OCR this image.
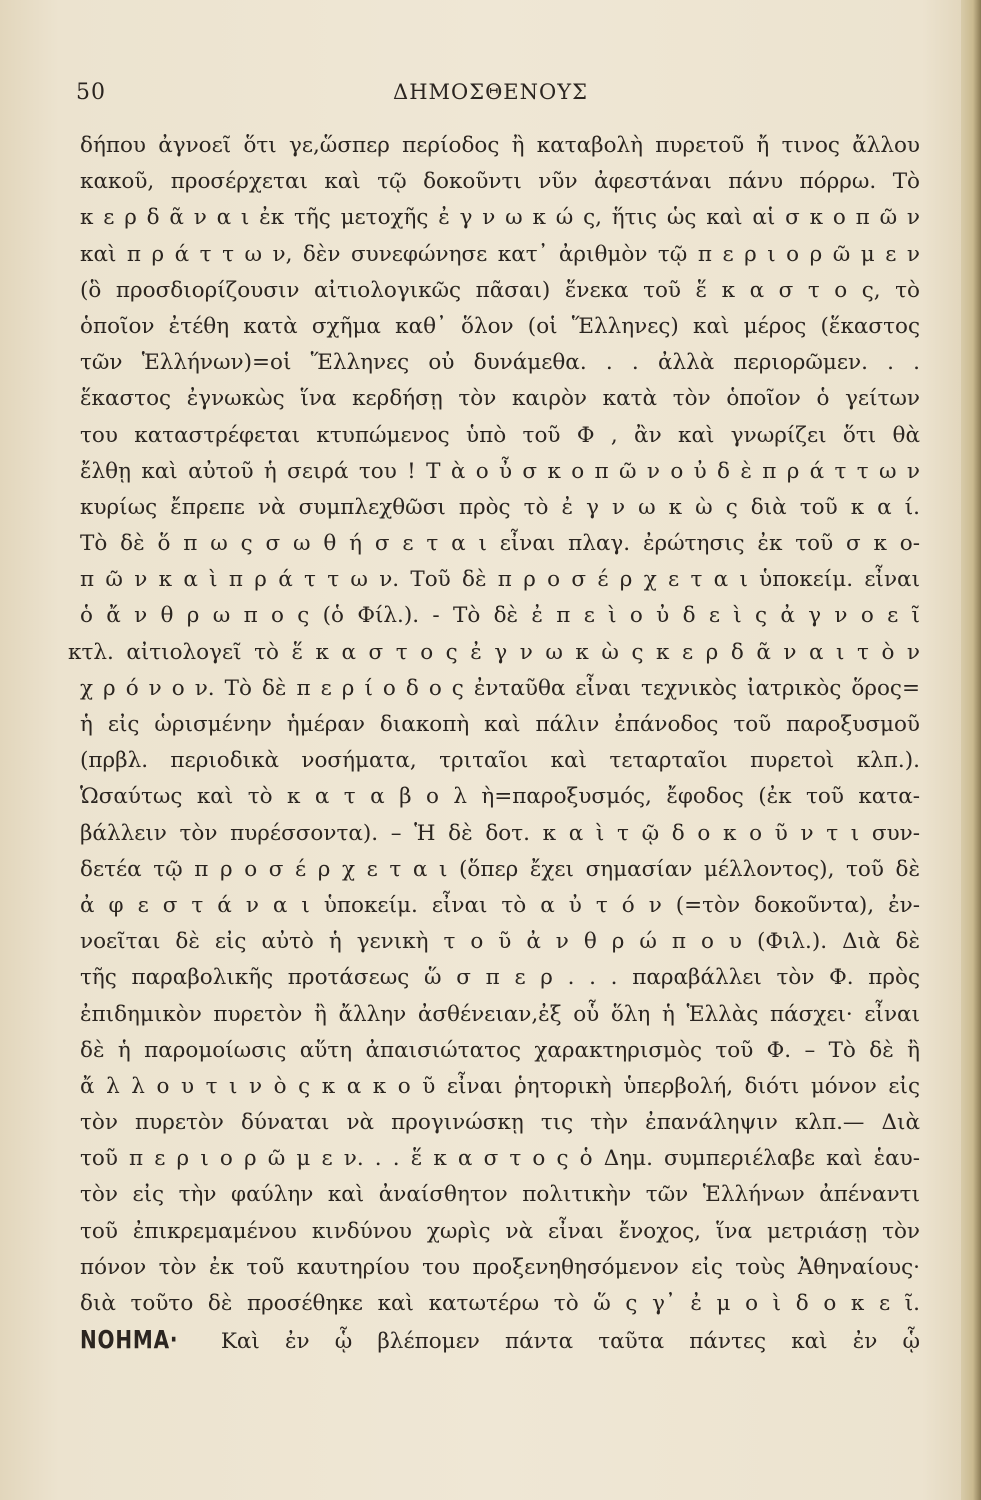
50	ΔΗΜΟΣΘΕΝΟΥΣ
δήπου ἀγνοεῖ ὅτι γε,ὥσπερ περίοδος ἢ καταβολὴ πυρετοῦ ἤ τινος ἄλλου
κακοῦ, προσέρχεται καὶ τῷ δοκοῦντι νῦν ἀφεστάναι πάνυ πόρρω. Τὸ
κ ε ρ δ ᾶ ν α ι ἐκ τῆς μετοχῆς ἐ γ ν ω κ ώ ς, ἥτις ὡς καὶ αἱ σ κ ο π ῶ ν
καὶ π ρ ά τ τ ω ν, δὲν συνεφώνησε κατ᾽ ἀριθμὸν τῷ π ε ρ ι ο ρ ῶ μ ε ν
(ὃ προσδιορίζουσιν αἰτιολογικῶς πᾶσαι) ἕνεκα τοῦ ἕ κ α σ τ ο ς, τὸ
ὁποῖον ἐτέθη κατὰ σχῆμα καθ᾽ ὅλον (οἱ Ἕλληνες) καὶ μέρος (ἕκαστος
τῶν Ἑλλήνων)=οἱ Ἕλληνες οὐ δυνάμεθα. . . ἀλλὰ περιορῶμεν. . .
ἕκαστος ἐγνωκὼς ἵνα κερδήσῃ τὸν καιρὸν κατὰ τὸν ὁποῖον ὁ γείτων
του καταστρέφεται κτυπώμενος ὑπὸ τοῦ Φ , ἂν καὶ γνωρίζει ὅτι θὰ
ἔλθῃ καὶ αὐτοῦ ἡ σειρά του ! Τ ὰ ο ὖ σ κ ο π ῶ ν ο ὐ δ ὲ π ρ ά τ τ ω ν
κυρίως ἔπρεπε νὰ συμπλεχθῶσι πρὸς τὸ ἐ γ ν ω κ ὼ ς διὰ τοῦ κ α ί.
Τὸ δὲ ὅ π ω ς σ ω θ ή σ ε τ α ι εἶναι πλαγ. ἐρώτησις ἐκ τοῦ σ κ ο-
π ῶ ν κ α ὶ π ρ ά τ τ ω ν. Τοῦ δὲ π ρ ο σ έ ρ χ ε τ α ι ὑποκείμ. εἶναι
ὁ ἄ ν θ ρ ω π ο ς (ὁ Φίλ.). - Τὸ δὲ ἐ π ε ὶ ο ὐ δ ε ὶ ς ἀ γ ν ο ε ῖ
κτλ. αἰτιολογεῖ τὸ ἕ κ α σ τ ο ς ἐ γ ν ω κ ὼ ς κ ε ρ δ ᾶ ν α ι τ ὸ ν
χ ρ ό ν ο ν. Τὸ δὲ π ε ρ ί ο δ ο ς ἐνταῦθα εἶναι τεχνικὸς ἰατρικὸς ὅρος=
ἡ εἰς ὡρισμένην ἡμέραν διακοπὴ καὶ πάλιν ἐπάνοδος τοῦ παροξυσμοῦ
(πρβλ. περιοδικὰ νοσήματα, τριταῖοι καὶ τεταρταῖοι πυρετοὶ κλπ.).
Ὡσαύτως καὶ τὸ κ α τ α β ο λ ὴ=παροξυσμός, ἔφοδος (ἐκ τοῦ κατα-
βάλλειν τὸν πυρέσσοντα). – Ἡ δὲ δοτ. κ α ὶ τ ῷ δ ο κ ο ῦ ν τ ι συν-
δετέα τῷ π ρ ο σ έ ρ χ ε τ α ι (ὅπερ ἔχει σημασίαν μέλλοντος), τοῦ δὲ
ἀ φ ε σ τ ά ν α ι ὑποκείμ. εἶναι τὸ α ὐ τ ό ν (=τὸν δοκοῦντα), ἐν-
νοεῖται δὲ εἰς αὐτὸ ἡ γενικὴ τ ο ῦ ἀ ν θ ρ ώ π ο υ (Φιλ.). Διὰ δὲ
τῆς παραβολικῆς προτάσεως ὥ σ π ε ρ . . . παραβάλλει τὸν Φ. πρὸς
ἐπιδημικὸν πυρετὸν ἢ ἄλλην ἀσθένειαν,ἐξ οὗ ὅλη ἡ Ἑλλὰς πάσχει· εἶναι
δὲ ἡ παρομοίωσις αὕτη ἀπαισιώτατος χαρακτηρισμὸς τοῦ Φ. – Τὸ δὲ ἢ
ἄ λ λ ο υ τ ι ν ὸ ς κ α κ ο ῦ εἶναι ῥητορικὴ ὑπερβολή, διότι μόνον εἰς
τὸν πυρετὸν δύναται νὰ προγινώσκῃ τις τὴν ἐπανάληψιν κλπ.— Διὰ
τοῦ π ε ρ ι ο ρ ῶ μ ε ν. . . ἕ κ α σ τ ο ς ὁ Δημ. συμπεριέλαβε καὶ ἑαυ-
τὸν εἰς τὴν φαύλην καὶ ἀναίσθητον πολιτικὴν τῶν Ἑλλήνων ἀπέναντι
τοῦ ἐπικρεμαμένου κινδύνου χωρὶς νὰ εἶναι ἔνοχος, ἵνα μετριάσῃ τὸν
πόνον τὸν ἐκ τοῦ καυτηρίου του προξενηθησόμενον εἰς τοὺς Ἀθηναίους·
διὰ τοῦτο δὲ προσέθηκε καὶ κατωτέρω τὸ ὥ ς γ᾽ ἐ μ ο ὶ δ ο κ ε ῖ.
ΝΟΗΜΑ· Καὶ ἐν ᾧ βλέπομεν πάντα ταῦτα πάντες καὶ ἐν ᾧ
